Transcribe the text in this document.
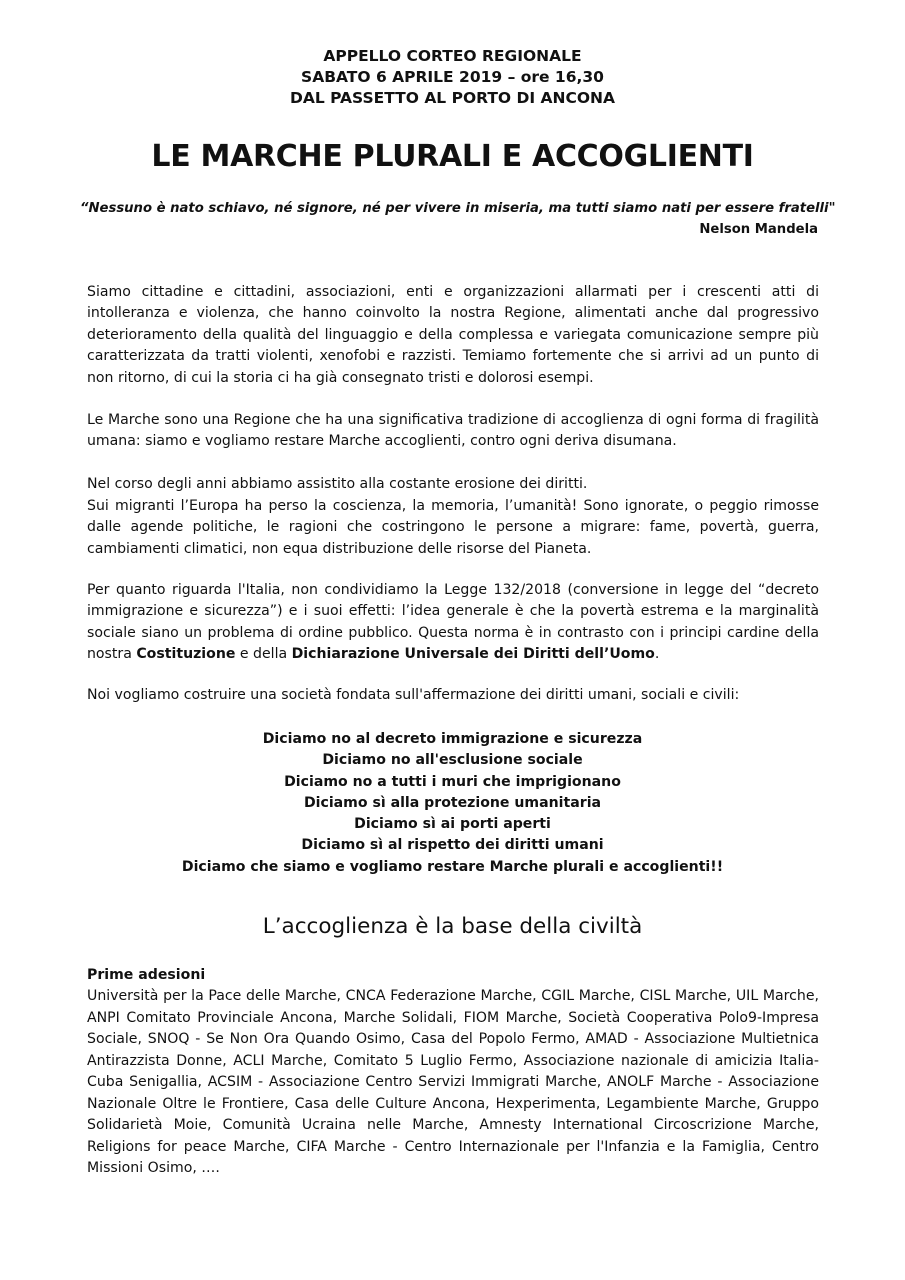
APPELLO CORTEO REGIONALE
SABATO 6 APRILE 2019 – ore 16,30
DAL PASSETTO AL PORTO DI ANCONA
LE MARCHE PLURALI E ACCOGLIENTI
“Nessuno è nato schiavo, né signore, né per vivere in miseria, ma tutti siamo nati per essere fratelli"
Nelson Mandela

Siamo cittadine e cittadini, associazioni, enti e organizzazioni allarmati per i crescenti atti di intolleranza e violenza, che hanno coinvolto la nostra Regione, alimentati anche dal progressivo deterioramento della qualità del linguaggio e della complessa e variegata comunicazione sempre più caratterizzata da tratti violenti, xenofobi e razzisti. Temiamo fortemente che si arrivi ad un punto di non ritorno, di cui la storia ci ha già consegnato tristi e dolorosi esempi.

Le Marche sono una Regione che ha una significativa tradizione di accoglienza di ogni forma di fragilità umana: siamo e vogliamo restare Marche accoglienti, contro ogni deriva disumana.

Nel corso degli anni abbiamo assistito alla costante erosione dei diritti.

Sui migranti l’Europa ha perso la coscienza, la memoria, l’umanità! Sono ignorate, o peggio rimosse dalle agende politiche, le ragioni che costringono le persone a migrare: fame, povertà, guerra, cambiamenti climatici, non equa distribuzione delle risorse del Pianeta.

Per quanto riguarda l'Italia, non condividiamo la Legge 132/2018 (conversione in legge del “decreto immigrazione e sicurezza”) e i suoi effetti: l’idea generale è che la povertà estrema e la marginalità sociale siano un problema di ordine pubblico. Questa norma è in contrasto con i principi cardine della nostra Costituzione e della Dichiarazione Universale dei Diritti dell’Uomo.

Noi vogliamo costruire una società fondata sull'affermazione dei diritti umani, sociali e civili:

Diciamo no al decreto immigrazione e sicurezza
Diciamo no all'esclusione sociale
Diciamo no a tutti i muri che imprigionano
Diciamo sì alla protezione umanitaria
Diciamo sì ai porti aperti
Diciamo sì al rispetto dei diritti umani
Diciamo che siamo e vogliamo restare Marche plurali e accoglienti!!
L’accoglienza è la base della civiltà
Prime adesioni

Università per la Pace delle Marche, CNCA Federazione Marche, CGIL Marche, CISL Marche, UIL Marche, ANPI Comitato Provinciale Ancona, Marche Solidali, FIOM Marche, Società Cooperativa Polo9-Impresa Sociale, SNOQ - Se Non Ora Quando Osimo, Casa del Popolo Fermo, AMAD - Associazione Multietnica Antirazzista Donne, ACLI Marche, Comitato 5 Luglio Fermo, Associazione nazionale di amicizia Italia-Cuba Senigallia, ACSIM - Associazione Centro Servizi Immigrati Marche, ANOLF Marche - Associazione Nazionale Oltre le Frontiere, Casa delle Culture Ancona, Hexperimenta, Legambiente Marche, Gruppo Solidarietà Moie, Comunità Ucraina nelle Marche, Amnesty International Circoscrizione Marche, Religions for peace Marche, CIFA Marche - Centro Internazionale per l'Infanzia e la Famiglia, Centro Missioni Osimo, ….
